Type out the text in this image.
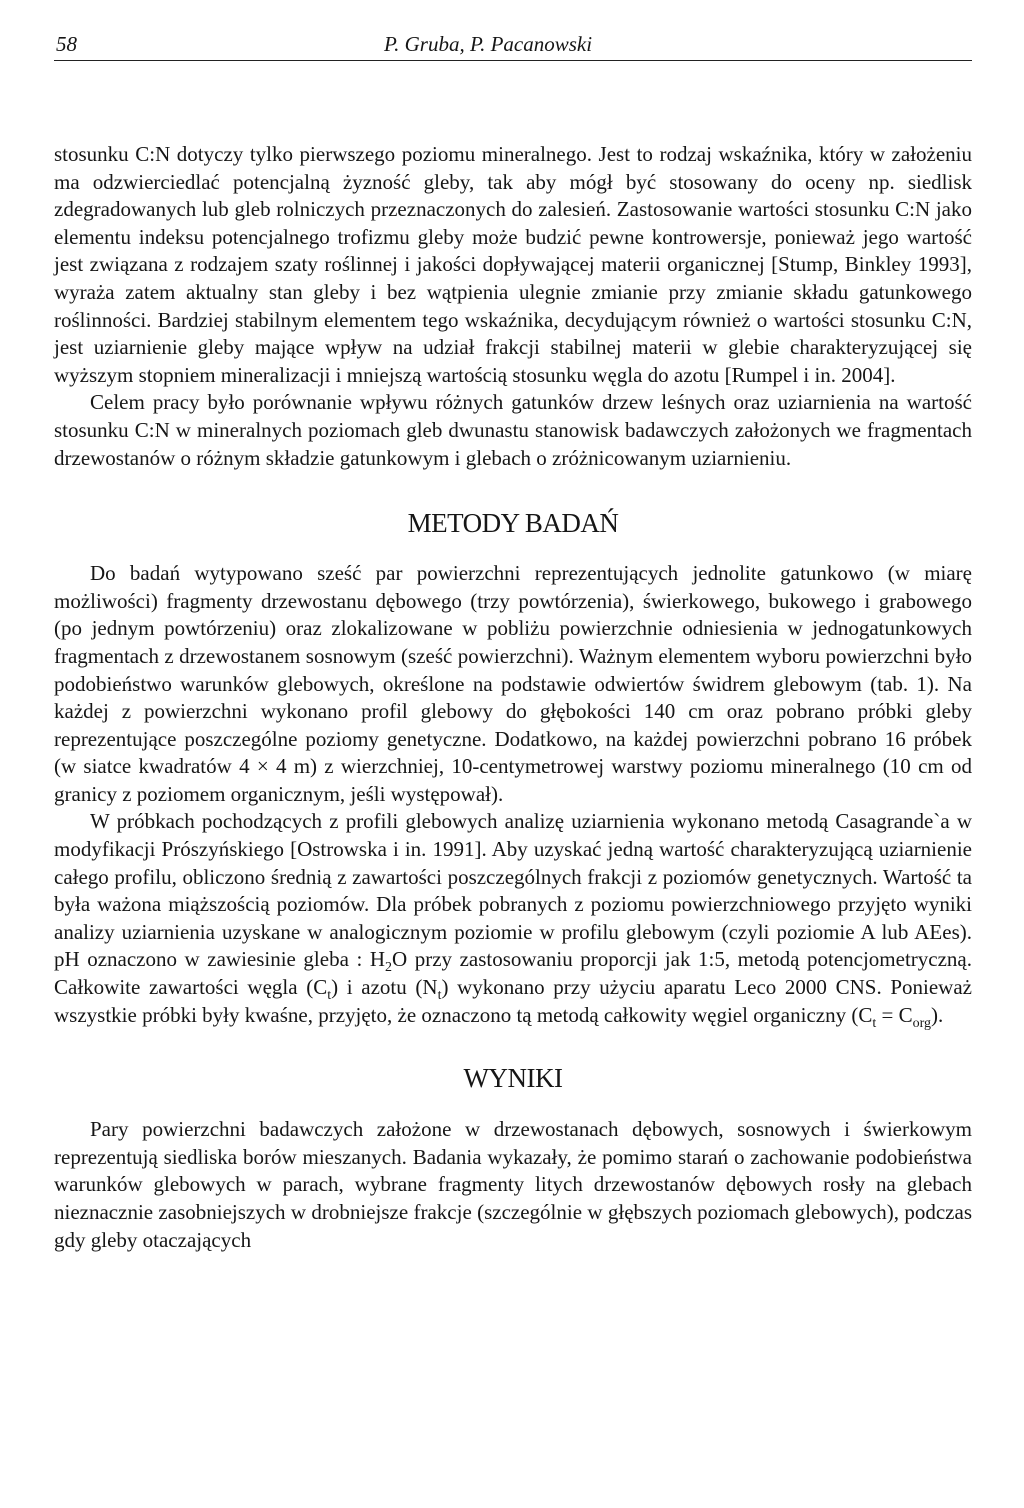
58	P. Gruba, P. Pacanowski

stosunku C:N dotyczy tylko pierwszego poziomu mineralnego. Jest to rodzaj wskaźnika, który w założeniu ma odzwierciedlać potencjalną żyzność gleby, tak aby mógł być stosowany do oceny np. siedlisk zdegradowanych lub gleb rolniczych przeznaczonych do zalesień. Zastosowanie wartości stosunku C:N jako elementu indeksu potencjalnego trofizmu gleby może budzić pewne kontrowersje, ponieważ jego wartość jest związana z rodzajem szaty roślinnej i jakości dopływającej materii organicznej [Stump, Binkley 1993], wyraża zatem aktualny stan gleby i bez wątpienia ulegnie zmianie przy zmianie składu gatunkowego roślinności. Bardziej stabilnym elementem tego wskaźnika, decydującym również o wartości stosunku C:N, jest uziarnienie gleby mające wpływ na udział frakcji stabilnej materii w glebie charakteryzującej się wyższym stopniem mineralizacji i mniejszą wartością stosunku węgla do azotu [Rumpel i in. 2004].

Celem pracy było porównanie wpływu różnych gatunków drzew leśnych oraz uziarnienia na wartość stosunku C:N w mineralnych poziomach gleb dwunastu stanowisk badawczych założonych we fragmentach drzewostanów o różnym składzie gatunkowym i glebach o zróżnicowanym uziarnieniu.

METODY BADAŃ

Do badań wytypowano sześć par powierzchni reprezentujących jednolite gatunkowo (w miarę możliwości) fragmenty drzewostanu dębowego (trzy powtórzenia), świerkowego, bukowego i grabowego (po jednym powtórzeniu) oraz zlokalizowane w pobliżu powierzchnie odniesienia w jednogatunkowych fragmentach z drzewostanem sosnowym (sześć powierzchni). Ważnym elementem wyboru powierzchni było podobieństwo warunków glebowych, określone na podstawie odwiertów świdrem glebowym (tab. 1). Na każdej z powierzchni wykonano profil glebowy do głębokości 140 cm oraz pobrano próbki gleby reprezentujące poszczególne poziomy genetyczne. Dodatkowo, na każdej powierzchni pobrano 16 próbek (w siatce kwadratów 4 × 4 m) z wierzchniej, 10-centymetrowej warstwy poziomu mineralnego (10 cm od granicy z poziomem organicznym, jeśli występował).

W próbkach pochodzących z profili glebowych analizę uziarnienia wykonano metodą Casagrande`a w modyfikacji Prószyńskiego [Ostrowska i in. 1991]. Aby uzyskać jedną wartość charakteryzującą uziarnienie całego profilu, obliczono średnią z zawartości poszczególnych frakcji z poziomów genetycznych. Wartość ta była ważona miąższością poziomów. Dla próbek pobranych z poziomu powierzchniowego przyjęto wyniki analizy uziarnienia uzyskane w analogicznym poziomie w profilu glebowym (czyli poziomie A lub AEes). pH oznaczono w zawiesinie gleba : $H_2O$ przy zastosowaniu proporcji jak 1:5, metodą potencjometryczną. Całkowite zawartości węgla $(C_t)$ i azotu $(N_t)$ wykonano przy użyciu aparatu Leco 2000 CNS. Ponieważ wszystkie próbki były kwaśne, przyjęto, że oznaczono tą metodą całkowity węgiel organiczny $(C_t = C_{org})$.

WYNIKI

Pary powierzchni badawczych założone w drzewostanach dębowych, sosnowych i świerkowym reprezentują siedliska borów mieszanych. Badania wykazały, że pomimo starań o zachowanie podobieństwa warunków glebowych w parach, wybrane fragmenty litych drzewostanów dębowych rosły na glebach nieznacznie zasobniejszych w drobniejsze frakcje (szczególnie w głębszych poziomach glebowych), podczas gdy gleby otaczających
